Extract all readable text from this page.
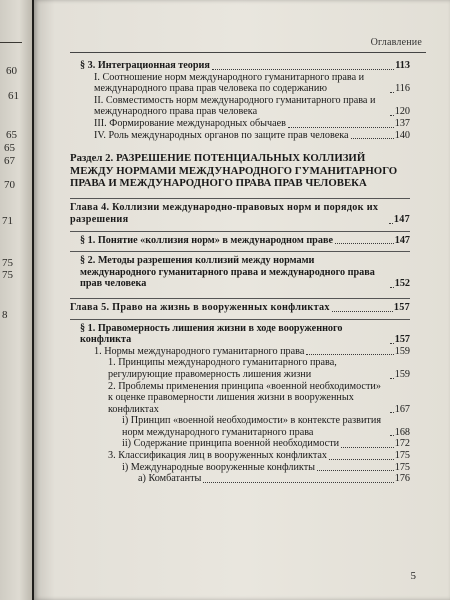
60
61
65
65
67
70
71
75
75
8
Оглавление
§ 3. Интеграционная теория	113
I. Соотношение норм международного гуманитарного права и международного права прав человека по содержанию	116
II. Совместимость норм международного гуманитарного права и международного права прав человека	120
III. Формирование международных обычаев	137
IV. Роль международных органов по защите прав человека	140
Раздел 2. РАЗРЕШЕНИЕ ПОТЕНЦИАЛЬНЫХ КОЛЛИЗИЙ МЕЖДУ НОРМАМИ МЕЖДУНАРОДНОГО ГУМАНИТАРНОГО ПРАВА И МЕЖДУНАРОДНОГО ПРАВА ПРАВ ЧЕЛОВЕКА
Глава 4. Коллизии международно-правовых норм и порядок их разрешения	147
§ 1. Понятие «коллизия норм» в международном праве	147
§ 2. Методы разрешения коллизий между нормами международного гуманитарного права и международного права прав человека	152
Глава 5. Право на жизнь в вооруженных конфликтах	157
§ 1. Правомерность лишения жизни в ходе вооруженного конфликта	157
1. Нормы международного гуманитарного права	159
1. Принципы международного гуманитарного права, регулирующие правомерность лишения жизни	159
2. Проблемы применения принципа «военной необходимости» к оценке правомерности лишения жизни в вооруженных конфликтах	167
i) Принцип «военной необходимости» в контексте развития норм международного гуманитарного права	168
ii) Содержание принципа военной необходимости	172
3. Классификация лиц в вооруженных конфликтах	175
i) Международные вооруженные конфликты	175
а) Комбатанты	176
5
